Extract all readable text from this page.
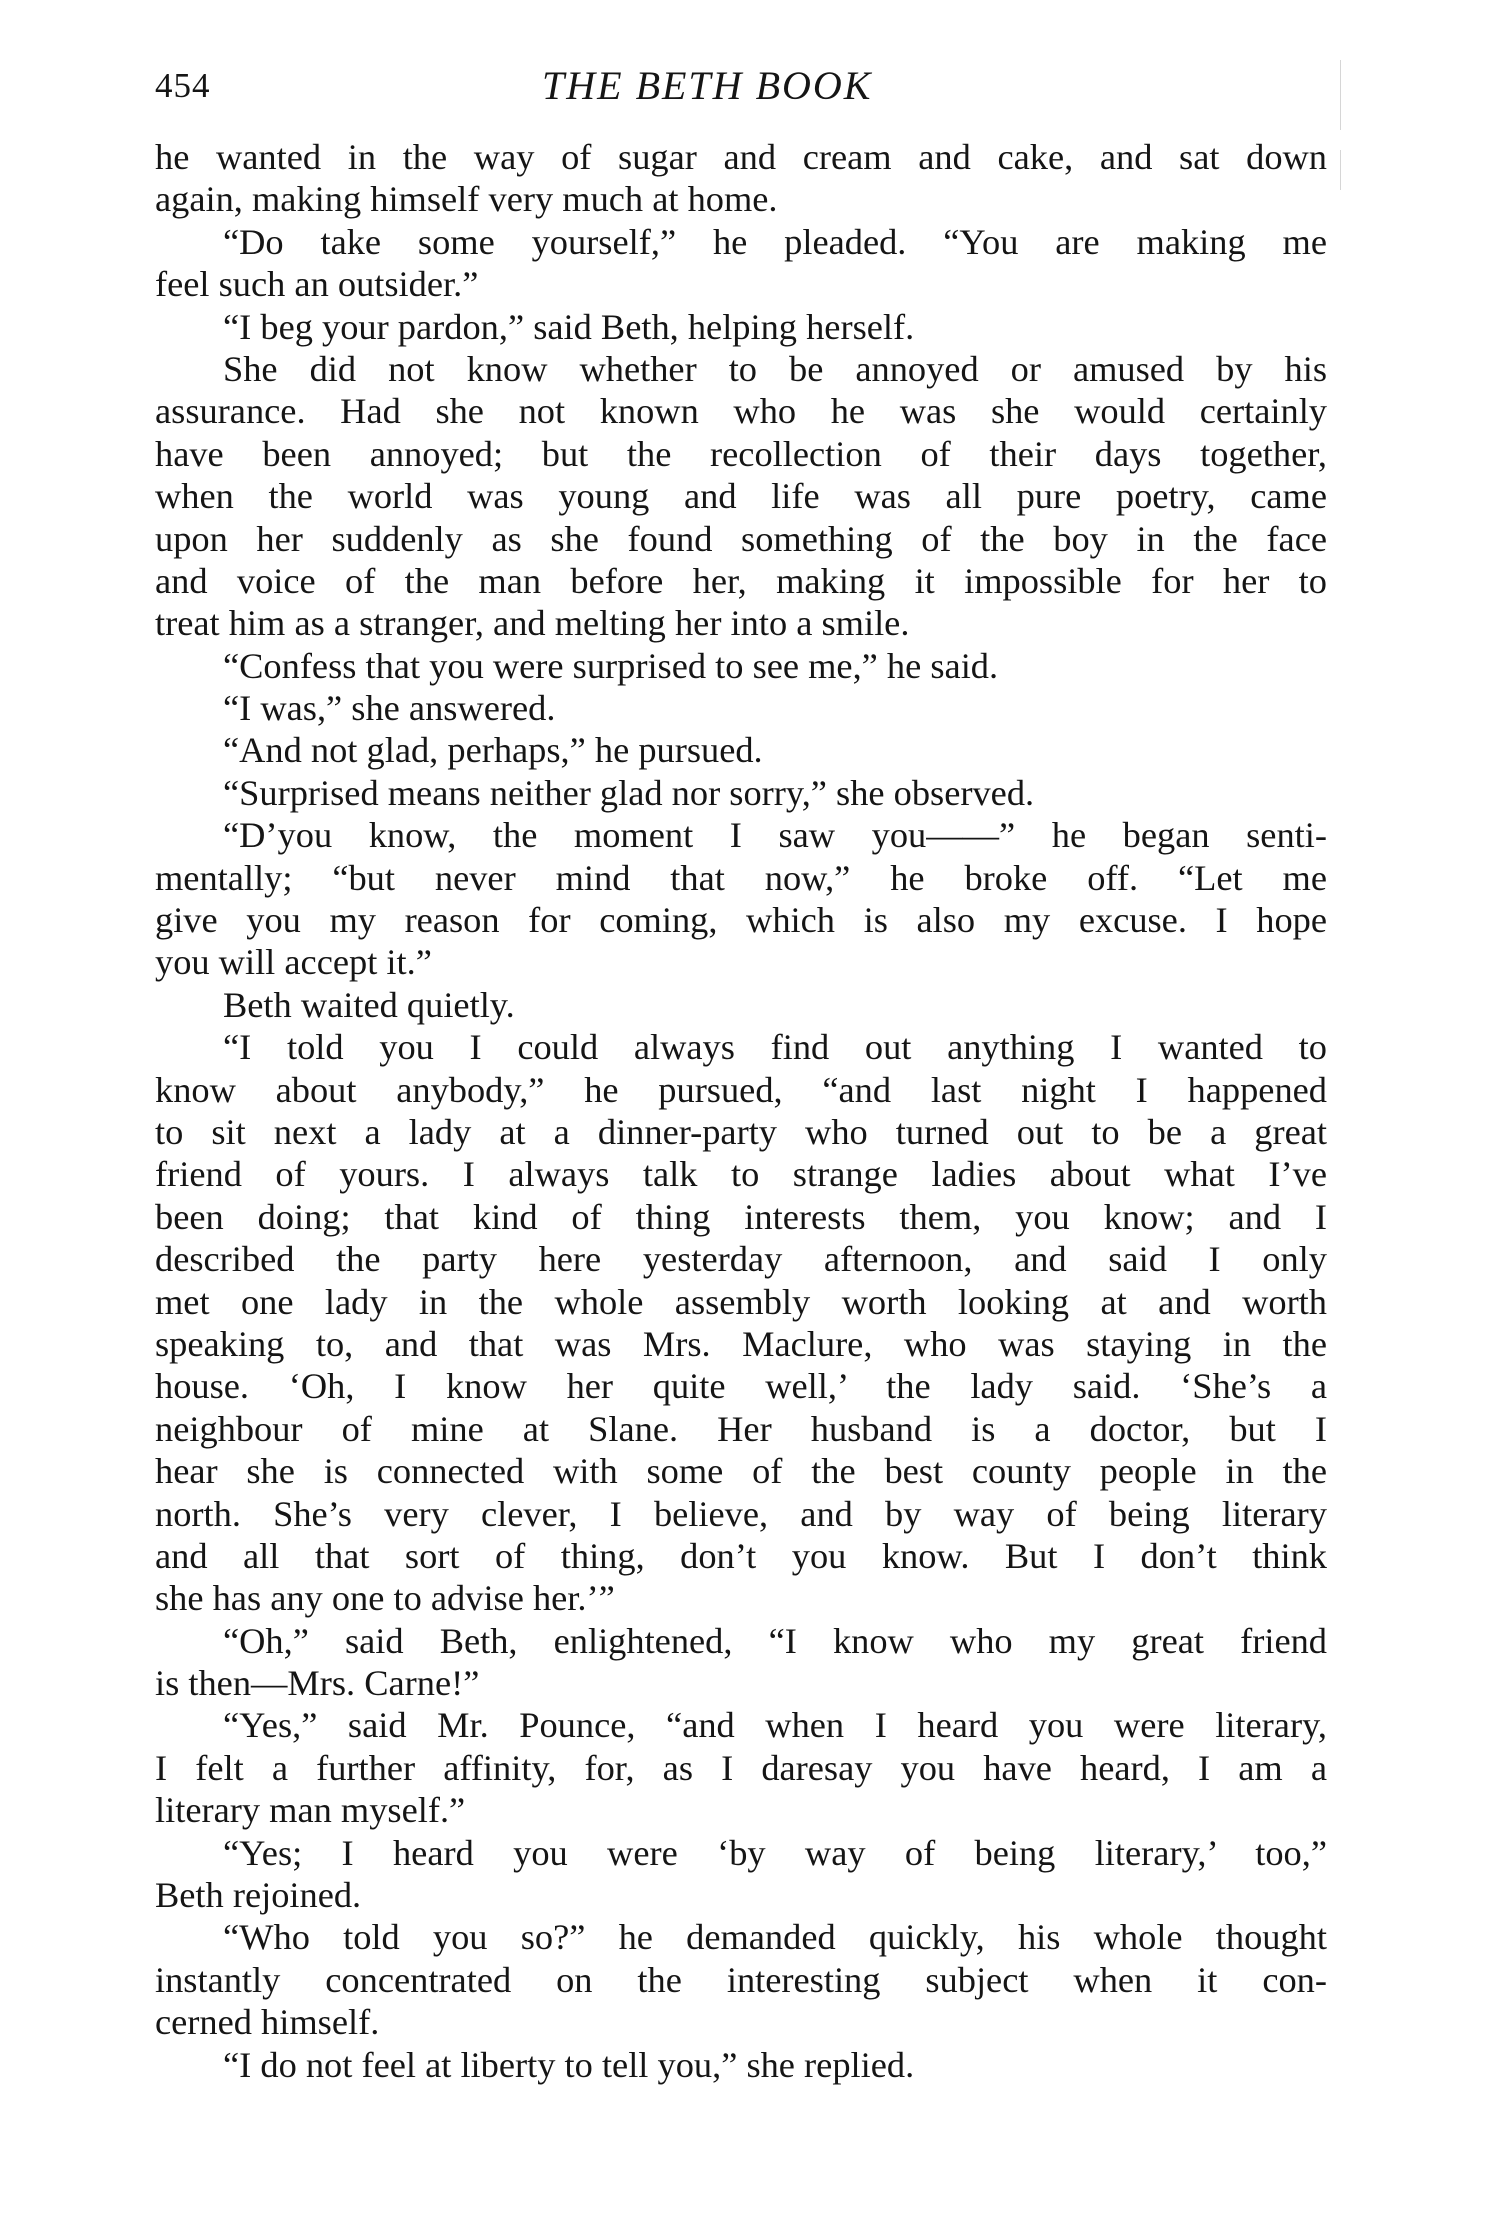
454	THE BETH BOOK
he wanted in the way of sugar and cream and cake, and sat down
again, making himself very much at home.
“Do take some yourself,” he pleaded. “You are making me
feel such an outsider.”
“I beg your pardon,” said Beth, helping herself.
She did not know whether to be annoyed or amused by his
assurance. Had she not known who he was she would certainly
have been annoyed; but the recollection of their days together,
when the world was young and life was all pure poetry, came
upon her suddenly as she found something of the boy in the face
and voice of the man before her, making it impossible for her to
treat him as a stranger, and melting her into a smile.
“Confess that you were surprised to see me,” he said.
“I was,” she answered.
“And not glad, perhaps,” he pursued.
“Surprised means neither glad nor sorry,” she observed.
“D’you know, the moment I saw you——” he began senti-
mentally; “but never mind that now,” he broke off. “Let me
give you my reason for coming, which is also my excuse. I hope
you will accept it.”
Beth waited quietly.
“I told you I could always find out anything I wanted to
know about anybody,” he pursued, “and last night I happened
to sit next a lady at a dinner-party who turned out to be a great
friend of yours. I always talk to strange ladies about what I’ve
been doing; that kind of thing interests them, you know; and I
described the party here yesterday afternoon, and said I only
met one lady in the whole assembly worth looking at and worth
speaking to, and that was Mrs. Maclure, who was staying in the
house. ‘Oh, I know her quite well,’ the lady said. ‘She’s a
neighbour of mine at Slane. Her husband is a doctor, but I
hear she is connected with some of the best county people in the
north. She’s very clever, I believe, and by way of being literary
and all that sort of thing, don’t you know. But I don’t think
she has any one to advise her.’”
“Oh,” said Beth, enlightened, “I know who my great friend
is then—Mrs. Carne!”
“Yes,” said Mr. Pounce, “and when I heard you were literary,
I felt a further affinity, for, as I daresay you have heard, I am a
literary man myself.”
“Yes; I heard you were ‘by way of being literary,’ too,”
Beth rejoined.
“Who told you so?” he demanded quickly, his whole thought
instantly concentrated on the interesting subject when it con-
cerned himself.
“I do not feel at liberty to tell you,” she replied.
